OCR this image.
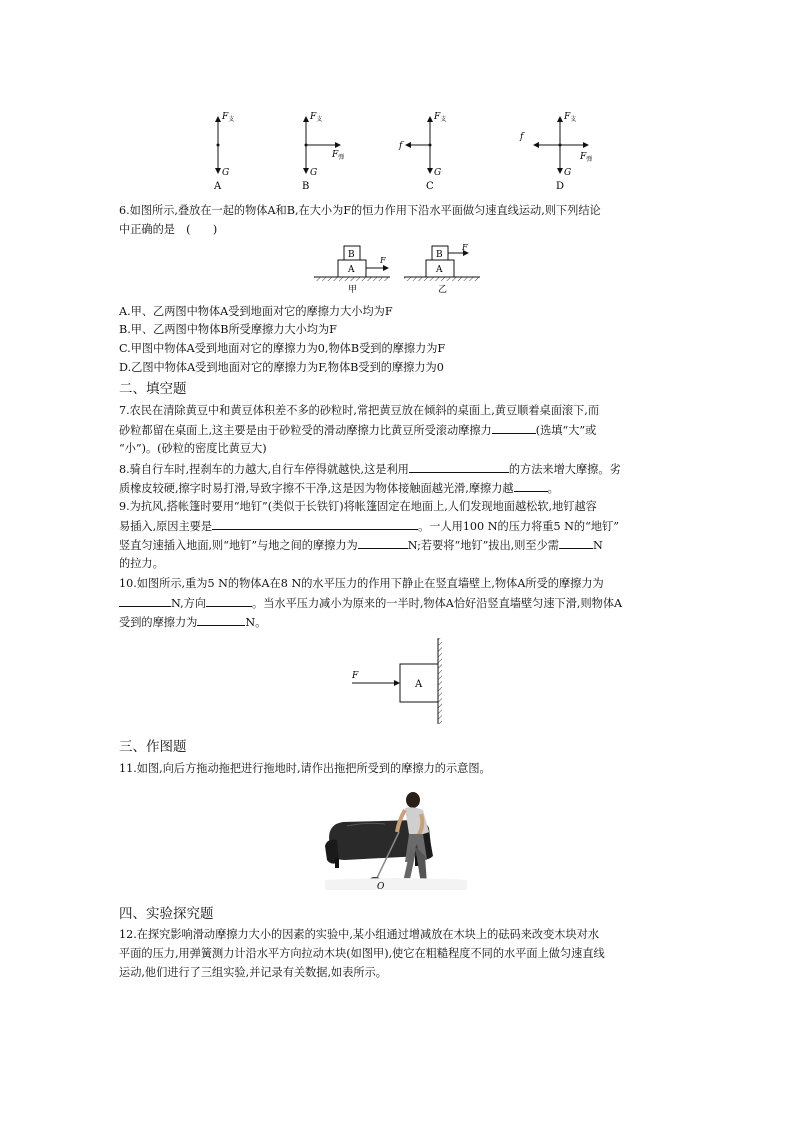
$F_支$
G
A
$F_支$
$F_弹$
G
B
$F_支$
f
G
C
$F_支$
f
$F_弹$
G
D
6.如图所示,叠放在一起的物体A和B,在大小为F的恒力作用下沿水平面做匀速直线运动,则下列结论
中正确的是　(　　)
B
A
F
甲
B
A
F
乙
A.甲、乙两图中物体A受到地面对它的摩擦力大小均为F
B.甲、乙两图中物体B所受摩擦力大小均为F
C.甲图中物体A受到地面对它的摩擦力为0,物体B受到的摩擦力为F
D.乙图中物体A受到地面对它的摩擦力为F,物体B受到的摩擦力为0
二、填空题
7.农民在清除黄豆中和黄豆体积差不多的砂粒时,常把黄豆放在倾斜的桌面上,黄豆顺着桌面滚下,而
砂粒都留在桌面上,这主要是由于砂粒受的滑动摩擦力比黄豆所受滚动摩擦力	(选填“大”或
“小”)。(砂粒的密度比黄豆大)
8.骑自行车时,捏刹车的力越大,自行车停得就越快,这是利用	的方法来增大摩擦。劣
质橡皮较硬,擦字时易打滑,导致字擦不干净,这是因为物体接触面越光滑,摩擦力越	。
9.为抗风,搭帐篷时要用“地钉”(类似于长铁钉)将帐篷固定在地面上,人们发现地面越松软,地钉越容
易插入,原因主要是	。一人用100 N的压力将重5 N的“地钉”
竖直匀速插入地面,则“地钉”与地之间的摩擦力为	N;若要将“地钉”拔出,则至少需	N
的拉力。
10.如图所示,重为5 N的物体A在8 N的水平压力的作用下静止在竖直墙壁上,物体A所受的摩擦力为
N,方向	。当水平压力减小为原来的一半时,物体A恰好沿竖直墙壁匀速下滑,则物体A
受到的摩擦力为	N。
A
F
三、作图题
11.如图,向后方拖动拖把进行拖地时,请作出拖把所受到的摩擦力的示意图。
O
四、实验探究题
12.在探究影响滑动摩擦力大小的因素的实验中,某小组通过增减放在木块上的砝码来改变木块对水
平面的压力,用弹簧测力计沿水平方向拉动木块(如图甲),使它在粗糙程度不同的水平面上做匀速直线
运动,他们进行了三组实验,并记录有关数据,如表所示。
